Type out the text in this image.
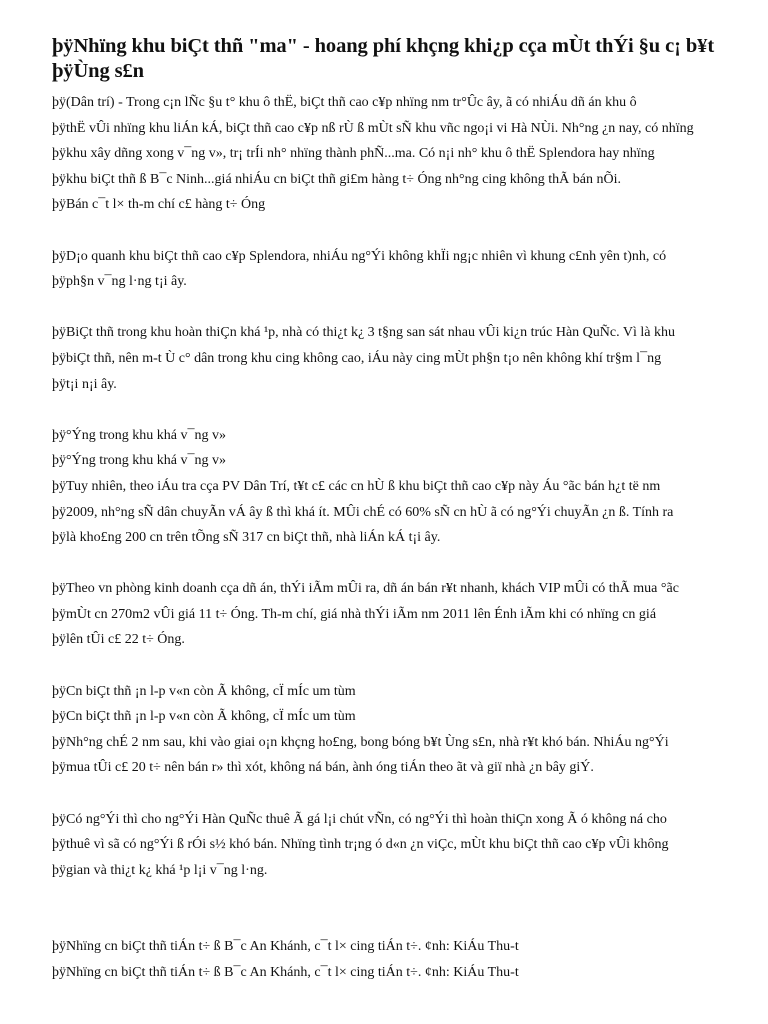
þÿNhïng khu biÇt thñ "ma" - hoang phí khçng khi¿p cça mÙt thÝi §u c¡ b¥t
þÿÙng s£n
þÿ(Dân trí) - Trong c¡n lÑc §u t° khu ô thË, biÇt thñ cao c¥p nhïng nm tr°Ûc ây, ã có nhiÁu dñ án khu ô
þÿthË vÛi nhïng khu liÁn kÁ, biÇt thñ cao c¥p nß rÙ ß mÙt sÑ khu vñc ngo¡i vi Hà NÙi. Nh°ng ¿n nay, có nhïng
þÿkhu xây dñng xong v¯ng v», tr¡ trÍi nh° nhïng thành phÑ...ma. Có n¡i nh° khu ô thË Splendora hay nhïng
þÿkhu biÇt thñ ß B¯c Ninh...giá nhiÁu cn biÇt thñ gi£m hàng t÷ Óng nh°ng cing không thÃ bán nÕi.
þÿBán c¯t l× th-m chí c£ hàng t÷ Óng
þÿD¡o quanh khu biÇt thñ cao c¥p Splendora, nhiÁu ng°Ýi không khÏi ng¡c nhiên vì khung c£nh yên t)nh, có
þÿph§n v¯ng l·ng t¡i ây.
þÿBiÇt thñ trong khu hoàn thiÇn khá ¹p, nhà có thi¿t k¿ 3 t§ng san sát nhau vÛi ki¿n trúc Hàn QuÑc. Vì là khu
þÿbiÇt thñ, nên m-t Ù c° dân trong khu cing không cao, iÁu này cing mÙt ph§n t¡o nên không khí tr§m l¯ng
þÿt¡i n¡i ây.
þÿ°Ýng trong khu khá v¯ng v»
þÿ°Ýng trong khu khá v¯ng v»
þÿTuy nhiên, theo iÁu tra cça PV Dân Trí, t¥t c£ các cn hÙ ß khu biÇt thñ cao c¥p này Áu °ãc bán h¿t të nm
þÿ2009, nh°ng sÑ dân chuyÃn vÁ ây ß thì khá ít. MÛi chÉ có 60% sÑ cn hÙ ã có ng°Ýi chuyÃn ¿n ß. Tính ra
þÿlà kho£ng 200 cn trên tÕng sÑ 317 cn biÇt thñ, nhà liÁn kÁ t¡i ây.
þÿTheo vn phòng kinh doanh cça dñ án, thÝi iÃm mÛi ra, dñ án bán r¥t nhanh, khách VIP mÛi có thÃ mua °ãc
þÿmÙt cn 270m2 vÛi giá 11 t÷ Óng. Th-m chí, giá nhà thÝi iÃm nm 2011 lên Énh iÃm khi có nhïng cn giá
þÿlên tÛi c£ 22 t÷ Óng.
þÿCn biÇt thñ ¡n l-p v«n còn Ã không, cÏ mÍc um tùm
þÿCn biÇt thñ ¡n l-p v«n còn Ã không, cÏ mÍc um tùm
þÿNh°ng chÉ 2 nm sau, khi vào giai o¡n khçng ho£ng, bong bóng b¥t Ùng s£n, nhà r¥t khó bán. NhiÁu ng°Ýi
þÿmua tÛi c£ 20 t÷ nên bán r» thì xót, không ná bán, ành óng tiÁn theo ãt và giï nhà ¿n bây giÝ.
þÿCó ng°Ýi thì cho ng°Ýi Hàn QuÑc thuê Ã gá l¡i chút vÑn, có ng°Ýi thì hoàn thiÇn xong Ã ó không ná cho
þÿthuê vì sã có ng°Ýi ß rÓi s½ khó bán. Nhïng tình tr¡ng ó d«n ¿n viÇc, mÙt khu biÇt thñ cao c¥p vÛi không
þÿgian và thi¿t k¿ khá ¹p l¡i v¯ng l·ng.
þÿNhïng cn biÇt thñ tiÁn t÷ ß B¯c An Khánh, c¯t l× cing tiÁn t÷. ¢nh: KiÁu Thu-t
þÿNhïng cn biÇt thñ tiÁn t÷ ß B¯c An Khánh, c¯t l× cing tiÁn t÷. ¢nh: KiÁu Thu-t
